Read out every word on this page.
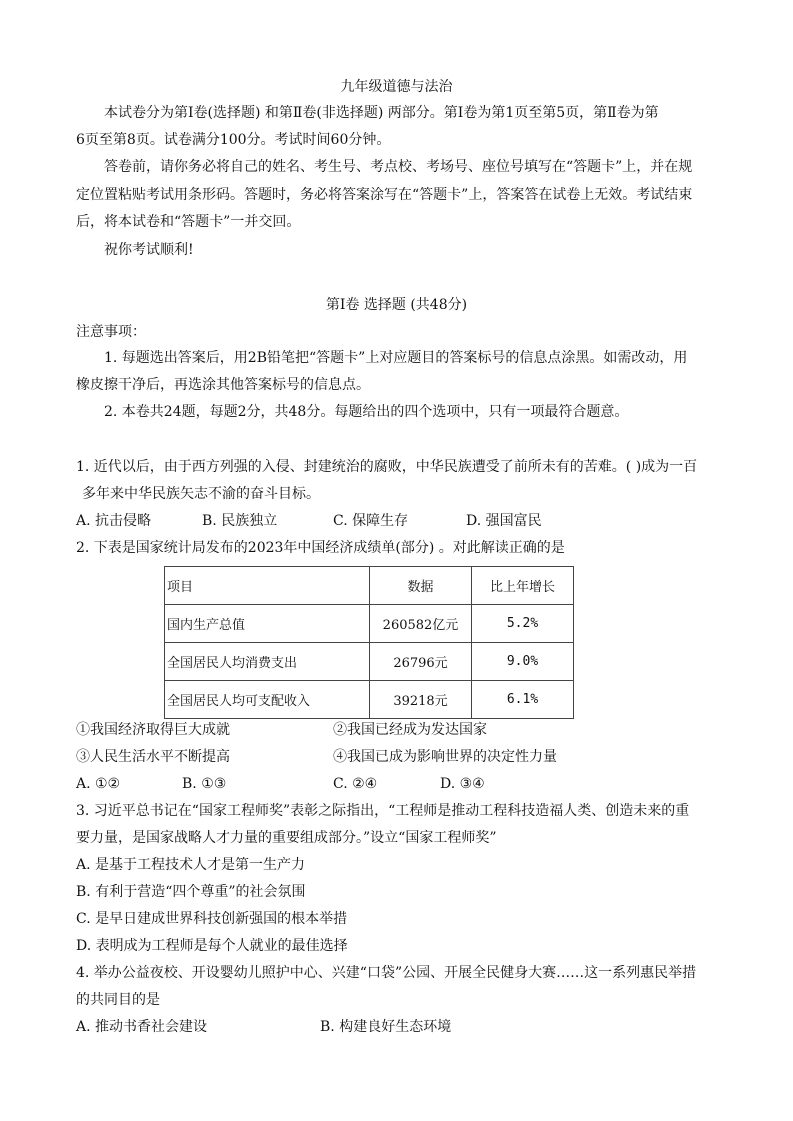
九年级道德与法治
本试卷分为第Ⅰ卷(选择题) 和第Ⅱ卷(非选择题) 两部分。第Ⅰ卷为第1页至第5页，第Ⅱ卷为第
6页至第8页。试卷满分100分。考试时间60分钟。
答卷前，请你务必将自己的姓名、考生号、考点校、考场号、座位号填写在“答题卡”上，并在规
定位置粘贴考试用条形码。答题时，务必将答案涂写在“答题卡”上，答案答在试卷上无效。考试结束
后，将本试卷和“答题卡”一并交回。
祝你考试顺利!
第Ⅰ卷 选择题 (共48分)
注意事项：
1. 每题选出答案后，用2B铅笔把“答题卡”上对应题目的答案标号的信息点涂黑。如需改动，用
橡皮擦干净后，再选涂其他答案标号的信息点。
2. 本卷共24题，每题2分，共48分。每题给出的四个选项中，只有一项最符合题意。
1. 近代以后，由于西方列强的入侵、封建统治的腐败，中华民族遭受了前所未有的苦难。( )成为一百
多年来中华民族矢志不渝的奋斗目标。
A. 抗击侵略	B. 民族独立	C. 保障生存	D. 强国富民
2. 下表是国家统计局发布的2023年中国经济成绩单(部分) 。对此解读正确的是
项目	数据	比上年增长
国内生产总值	260582亿元	5.2%
全国居民人均消费支出	26796元	9.0%
全国居民人均可支配收入	39218元	6.1%
①我国经济取得巨大成就	②我国已经成为发达国家
③人民生活水平不断提高	④我国已成为影响世界的决定性力量
A. ①②	B. ①③	C. ②④	D. ③④
3. 习近平总书记在“国家工程师奖”表彰之际指出，“工程师是推动工程科技造福人类、创造未来的重
要力量，是国家战略人才力量的重要组成部分。”设立“国家工程师奖”
A. 是基于工程技术人才是第一生产力
B. 有利于营造“四个尊重”的社会氛围
C. 是早日建成世界科技创新强国的根本举措
D. 表明成为工程师是每个人就业的最佳选择
4. 举办公益夜校、开设婴幼儿照护中心、兴建“口袋”公园、开展全民健身大赛……这一系列惠民举措
的共同目的是
A. 推动书香社会建设	B. 构建良好生态环境
